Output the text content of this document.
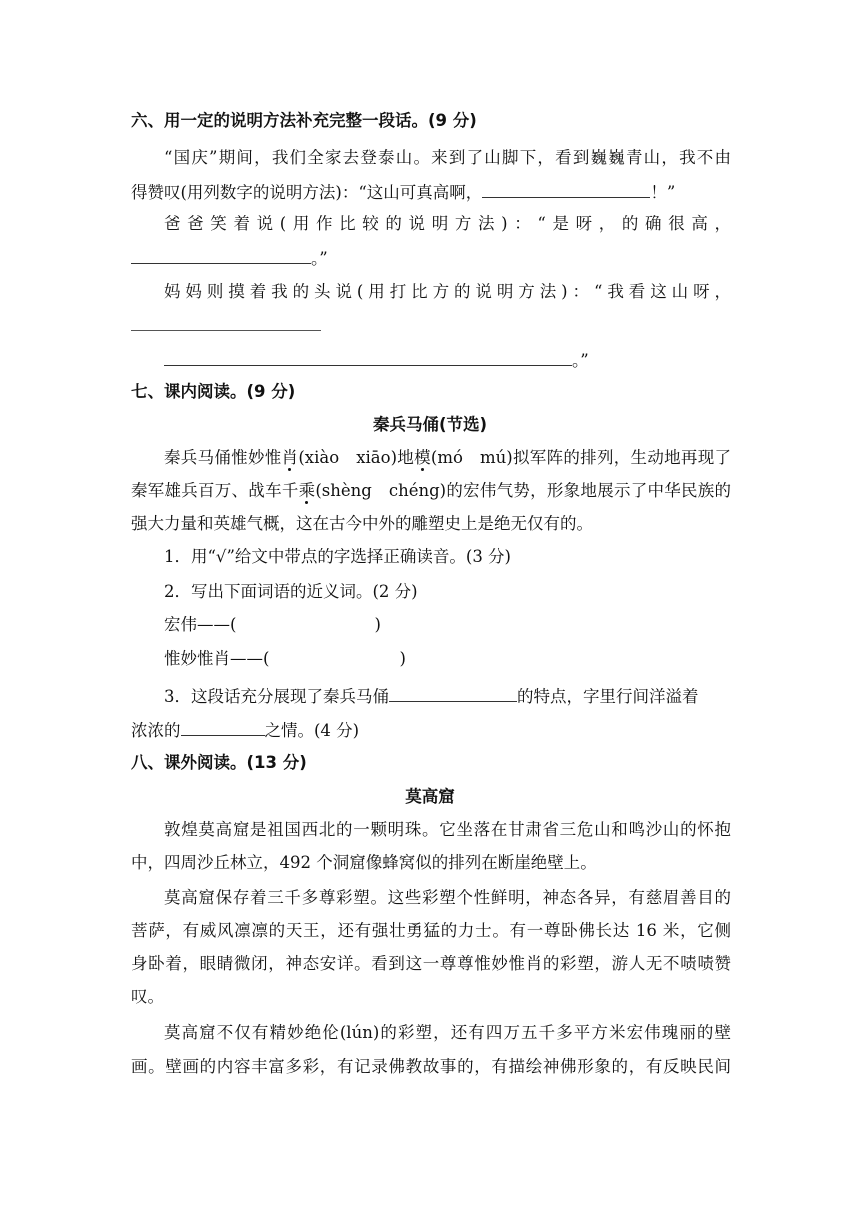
六、用一定的说明方法补充完整一段话。(9 分)
“国庆”期间，我们全家去登泰山。来到了山脚下，看到巍巍青山，我不由
得赞叹(用列数字的说明方法)：“这山可真高啊，	！”
爸爸笑着说(用作比较的说明方法)：“是呀，的确很高，
。”
妈妈则摸着我的头说(用打比方的说明方法)：“我看这山呀，
。”
七、课内阅读。(9 分)
秦兵马俑(节选)
秦兵马俑惟妙惟肖(xiào　xiāo)地模(mó　mú)拟军阵的排列，生动地再现了
秦军雄兵百万、战车千乘(shèng　chéng)的宏伟气势，形象地展示了中华民族的
强大力量和英雄气概，这在古今中外的雕塑史上是绝无仅有的。
1．用“√”给文中带点的字选择正确读音。(3 分)
2．写出下面词语的近义词。(2 分)
宏伟——(	)
惟妙惟肖——(	)
3．这段话充分展现了秦兵马俑	的特点，字里行间洋溢着
浓浓的	之情。(4 分)
八、课外阅读。(13 分)
莫高窟
敦煌莫高窟是祖国西北的一颗明珠。它坐落在甘肃省三危山和鸣沙山的怀抱
中，四周沙丘林立，492 个洞窟像蜂窝似的排列在断崖绝壁上。
莫高窟保存着三千多尊彩塑。这些彩塑个性鲜明，神态各异，有慈眉善目的
菩萨，有威风凛凛的天王，还有强壮勇猛的力士。有一尊卧佛长达 16 米，它侧
身卧着，眼睛微闭，神态安详。看到这一尊尊惟妙惟肖的彩塑，游人无不啧啧赞
叹。
莫高窟不仅有精妙绝伦(lún)的彩塑，还有四万五千多平方米宏伟瑰丽的壁
画。壁画的内容丰富多彩，有记录佛教故事的，有描绘神佛形象的，有反映民间
